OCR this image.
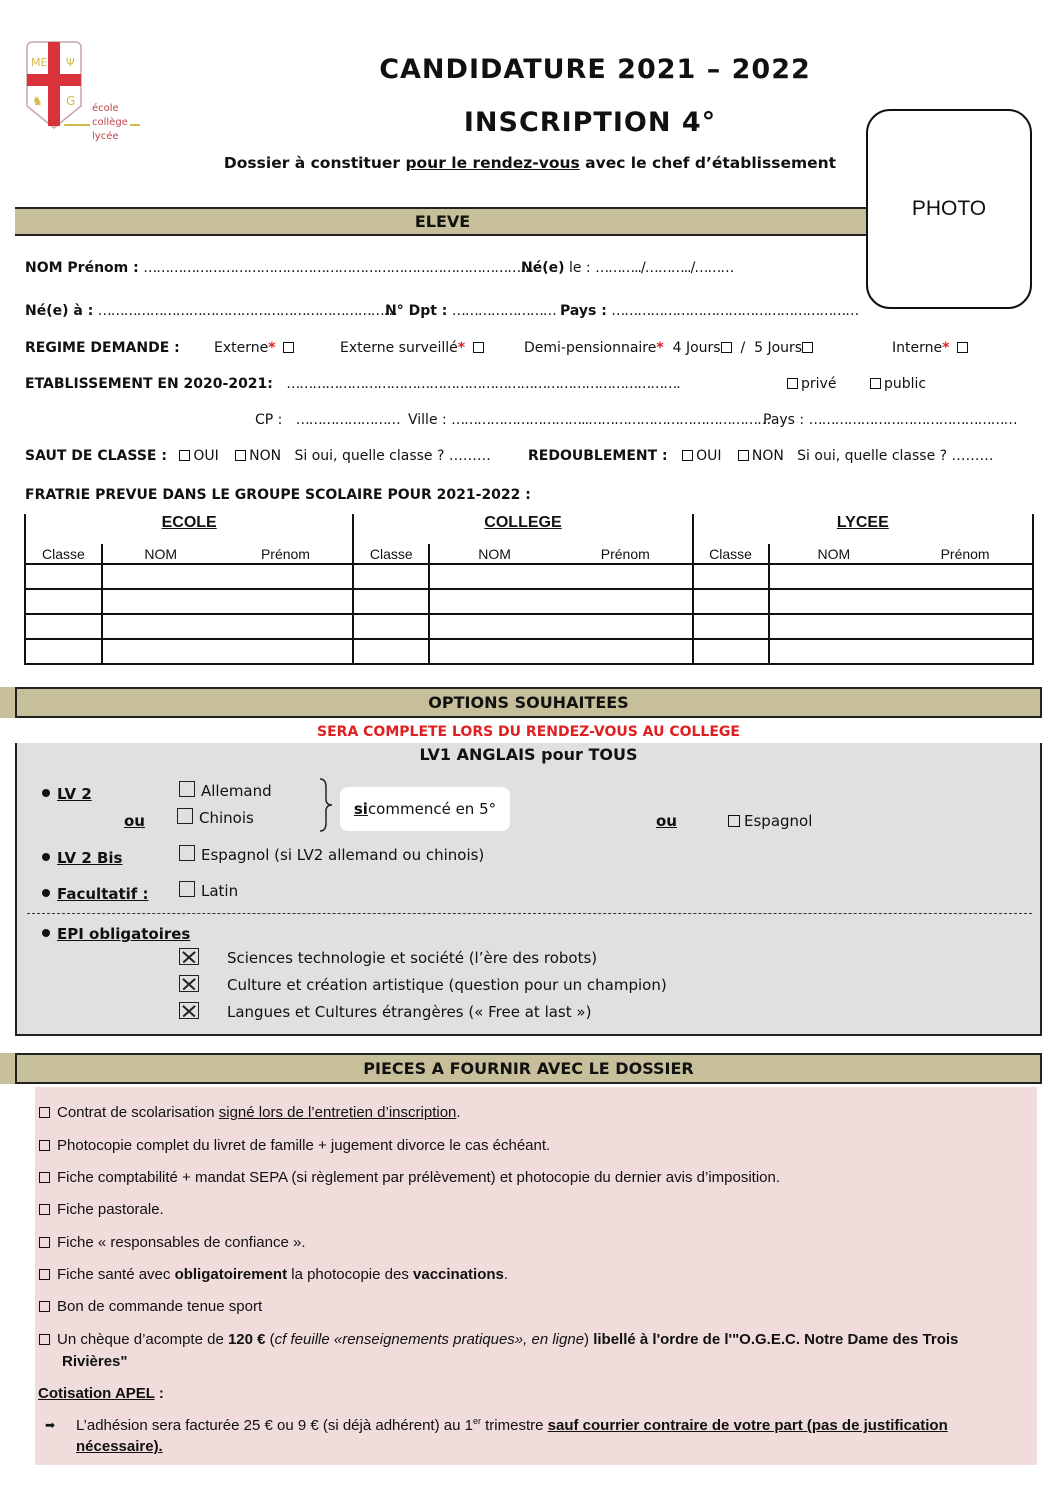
ME Ψ
♞ G
école
collège
lycée
CANDIDATURE 2021 – 2022
INSCRIPTION 4°
Dossier à constituer pour le rendez-vous avec le chef d’établissement
PHOTO
ELEVE
NOM Prénom : ………………………………………………………………………………
Né(e) le : ………../………../………
Né(e) à : ……………………………………………………………
N° Dpt : …………………… Pays : …………………………………………………
REGIME DEMANDE : Externe*	Externe surveillé*	Demi-pensionnaire* 4 Jours / 5 Jours	Interne*
ETABLISSEMENT EN 2020-2021: ……………………………………………………………………………….	privé	public
CP : …………………… Ville : …………………………..……………………………………
Pays : …………………………………………
SAUT DE CLASSE : OUI NON Si oui, quelle classe ? ………	REDOUBLEMENT : OUI NON Si oui, quelle classe ? ………
FRATRIE PREVUE DANS LE GROUPE SCOLAIRE POUR 2021-2022 :
ECOLE			COLLEGE			LYCEE		
Classe	NOM	Prénom	Classe	NOM	Prénom	Classe	NOM	Prénom

OPTIONS SOUHAITEES
SERA COMPLETE LORS DU RENDEZ-VOUS AU COLLEGE
LV1 ANGLAIS pour TOUS
LV 2	Allemand
ou	Chinois	si commencé en 5°
ou	Espagnol
LV 2 Bis	Espagnol (si LV2 allemand ou chinois)
Facultatif :	Latin
EPI obligatoires
Sciences technologie et société (l’ère des robots)
Culture et création artistique (question pour un champion)
Langues et Cultures étrangères (« Free at last »)
PIECES A FOURNIR AVEC LE DOSSIER
Contrat de scolarisation signé lors de l’entretien d’inscription.
Photocopie complet du livret de famille + jugement divorce le cas échéant.
Fiche comptabilité + mandat SEPA (si règlement par prélèvement) et photocopie du dernier avis d’imposition.
Fiche pastorale.
Fiche « responsables de confiance ».
Fiche santé avec obligatoirement la photocopie des vaccinations.
Bon de commande tenue sport
Un chèque d’acompte de 120 € (cf feuille «renseignements pratiques», en ligne) libellé à l'ordre de l'"O.G.E.C. Notre Dame des Trois
Rivières"
Cotisation APEL :
➡ L’adhésion sera facturée 25 € ou 9 € (si déjà adhérent) au 1er trimestre sauf courrier contraire de votre part (pas de justification
nécessaire).
